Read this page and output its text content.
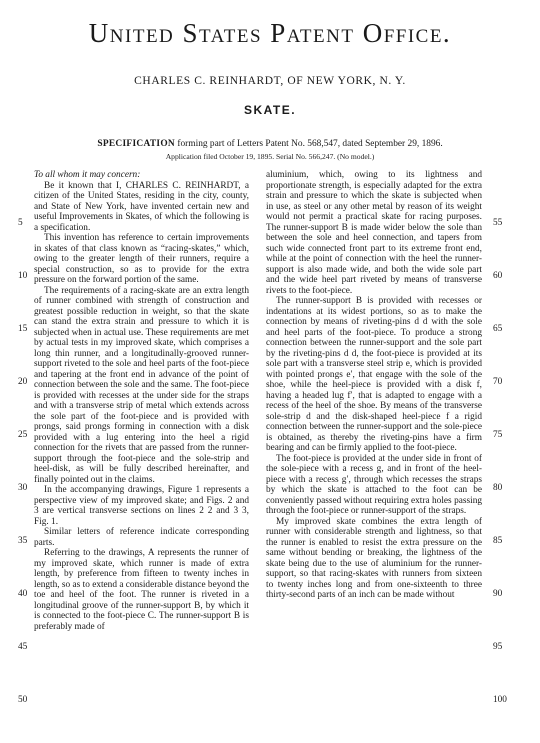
United States Patent Office.
CHARLES C. REINHARDT, OF NEW YORK, N. Y.
SKATE.
SPECIFICATION forming part of Letters Patent No. 568,547, dated September 29, 1896.
Application filed October 19, 1895. Serial No. 566,247. (No model.)

To all whom it may concern:

Be it known that I, CHARLES C. REINHARDT, a citizen of the United States, residing in the city, county, and State of New York, have invented certain new and useful Improvements in Skates, of which the following is a specification.

This invention has reference to certain improvements in skates of that class known as “racing-skates,” which, owing to the greater length of their runners, require a special construction, so as to provide for the extra pressure on the forward portion of the same.

The requirements of a racing-skate are an extra length of runner combined with strength of construction and greatest possible reduction in weight, so that the skate can stand the extra strain and pressure to which it is subjected when in actual use. These requirements are met by actual tests in my improved skate, which comprises a long thin runner, and a longitudinally-grooved runner-support riveted to the sole and heel parts of the foot-piece and tapering at the front end in advance of the point of connection between the sole and the same. The foot-piece is provided with recesses at the under side for the straps and with a transverse strip of metal which extends across the sole part of the foot-piece and is provided with prongs, said prongs forming in connection with a disk provided with a lug entering into the heel a rigid connection for the rivets that are passed from the runner-support through the foot-piece and the sole-strip and heel-disk, as will be fully described hereinafter, and finally pointed out in the claims.

In the accompanying drawings, Figure 1 represents a perspective view of my improved skate; and Figs. 2 and 3 are vertical transverse sections on lines 2 2 and 3 3, Fig. 1.

Similar letters of reference indicate corresponding parts.

Referring to the drawings, A represents the runner of my improved skate, which runner is made of extra length, by preference from fifteen to twenty inches in length, so as to extend a considerable distance beyond the toe and heel of the foot. The runner is riveted in a longitudinal groove of the runner-support B, by which it is connected to the foot-piece C. The runner-support B is preferably made of

aluminium, which, owing to its lightness and proportionate strength, is especially adapted for the extra strain and pressure to which the skate is subjected when in use, as steel or any other metal by reason of its weight would not permit a practical skate for racing purposes. The runner-support B is made wider below the sole than between the sole and heel connection, and tapers from such wide connected front part to its extreme front end, while at the point of connection with the heel the runner-support is also made wide, and both the wide sole part and the wide heel part riveted by means of transverse rivets to the foot-piece.

The runner-support B is provided with recesses or indentations at its widest portions, so as to make the connection by means of riveting-pins d d with the sole and heel parts of the foot-piece. To produce a strong connection between the runner-support and the sole part by the riveting-pins d d, the foot-piece is provided at its sole part with a transverse steel strip e, which is provided with pointed prongs e′, that engage with the sole of the shoe, while the heel-piece is provided with a disk f, having a headed lug f′, that is adapted to engage with a recess of the heel of the shoe. By means of the transverse sole-strip d and the disk-shaped heel-piece f a rigid connection between the runner-support and the sole-piece is obtained, as thereby the riveting-pins have a firm bearing and can be firmly applied to the foot-piece.

The foot-piece is provided at the under side in front of the sole-piece with a recess g, and in front of the heel-piece with a recess g′, through which recesses the straps by which the skate is attached to the foot can be conveniently passed without requiring extra holes passing through the foot-piece or runner-support of the straps.

My improved skate combines the extra length of runner with considerable strength and lightness, so that the runner is enabled to resist the extra pressure on the same without bending or breaking, the lightness of the skate being due to the use of aluminium for the runner-support, so that racing-skates with runners from sixteen to twenty inches long and from one-sixteenth to three thirty-second parts of an inch can be made without

5
10
15
20
25
30
35
40
45
50
55
60
65
70
75
80
85
90
95
100
